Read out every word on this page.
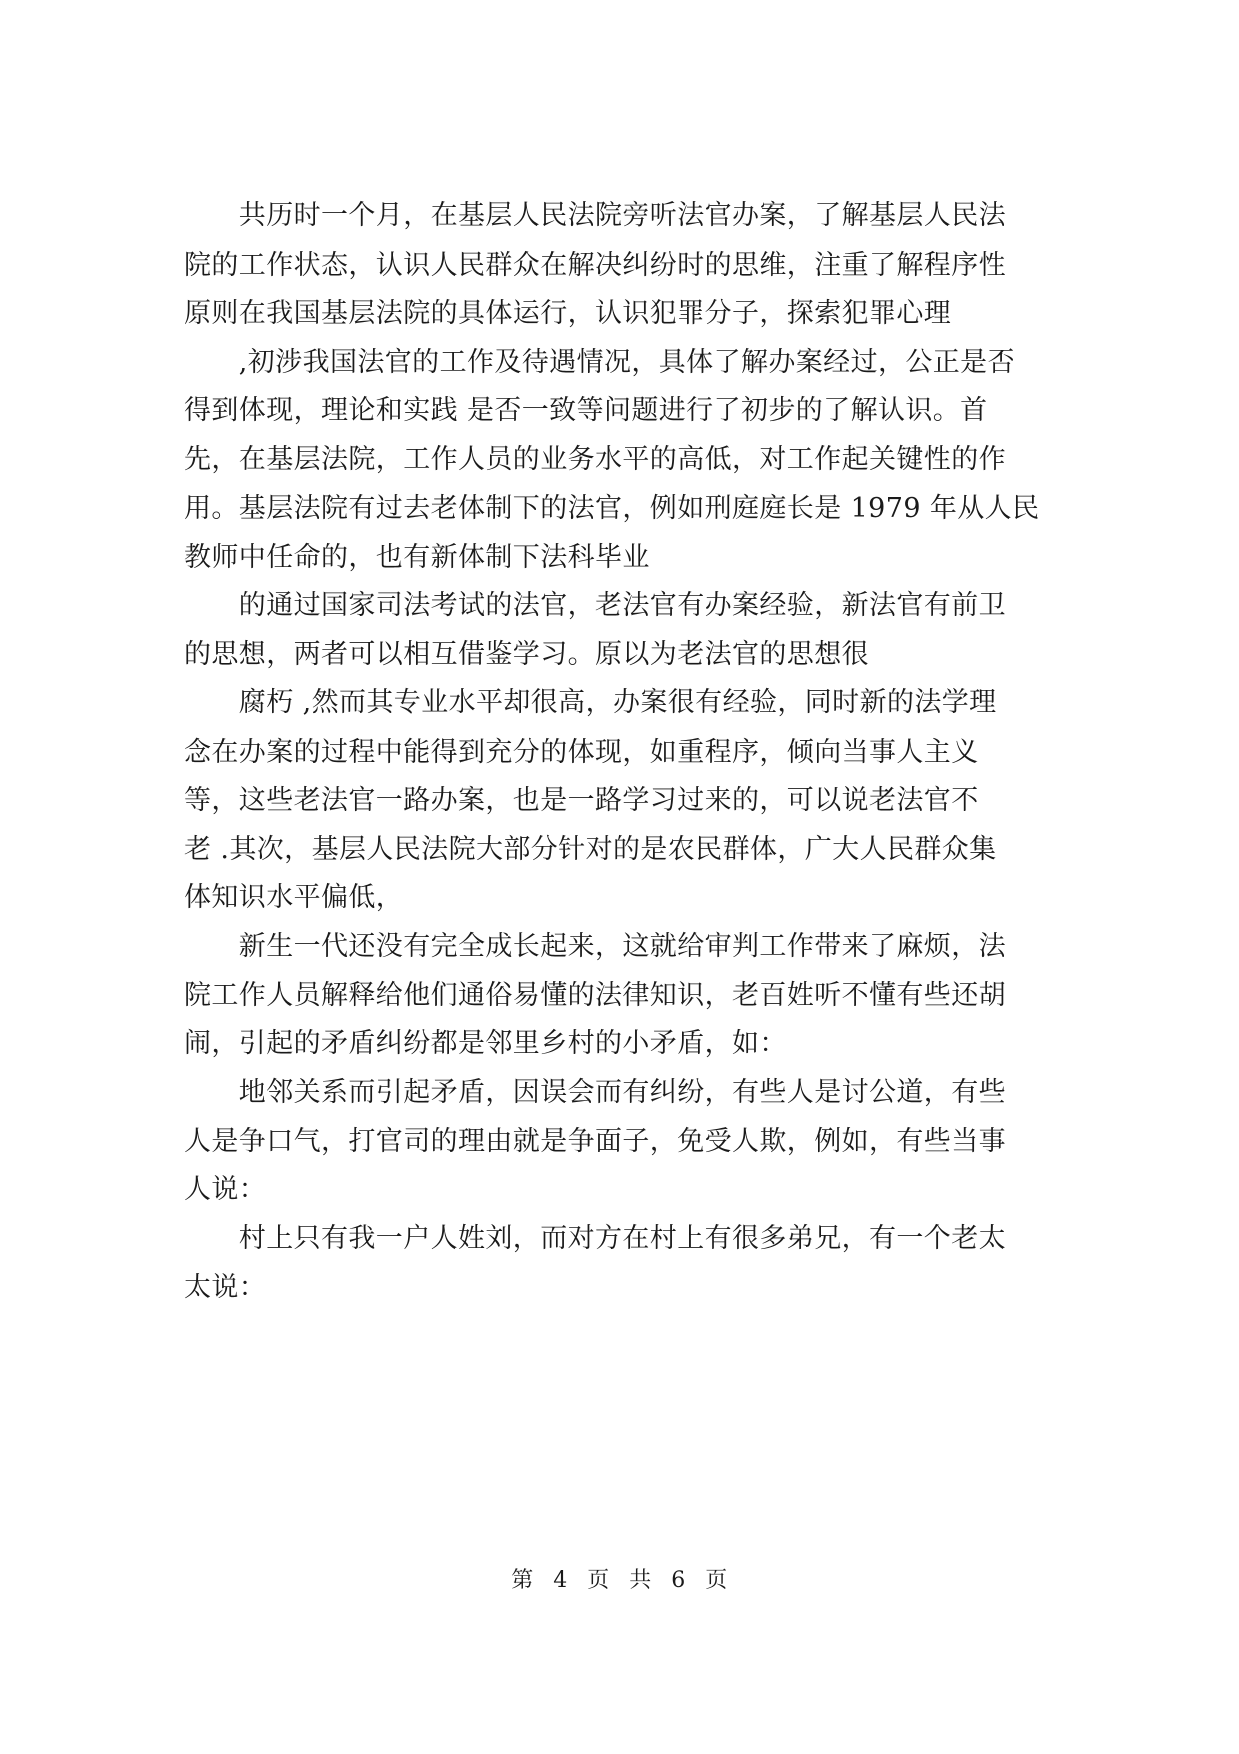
　　共历时一个月，在基层人民法院旁听法官办案，了解基层人民法
院的工作状态，认识人民群众在解决纠纷时的思维，注重了解程序性
原则在我国基层法院的具体运行，认识犯罪分子，探索犯罪心理
　　,初涉我国法官的工作及待遇情况，具体了解办案经过，公正是否
得到体现，理论和实践 是否一致等问题进行了初步的了解认识。首
先，在基层法院，工作人员的业务水平的高低，对工作起关键性的作
用。基层法院有过去老体制下的法官，例如刑庭庭长是 1979 年从人民
教师中任命的，也有新体制下法科毕业
　　的通过国家司法考试的法官，老法官有办案经验，新法官有前卫
的思想，两者可以相互借鉴学习。原以为老法官的思想很
　　腐朽 ,然而其专业水平却很高，办案很有经验，同时新的法学理
念在办案的过程中能得到充分的体现，如重程序，倾向当事人主义
等，这些老法官一路办案，也是一路学习过来的，可以说老法官不
老 .其次，基层人民法院大部分针对的是农民群体，广大人民群众集
体知识水平偏低，
　　新生一代还没有完全成长起来，这就给审判工作带来了麻烦，法
院工作人员解释给他们通俗易懂的法律知识，老百姓听不懂有些还胡
闹，引起的矛盾纠纷都是邻里乡村的小矛盾，如：
　　地邻关系而引起矛盾，因误会而有纠纷，有些人是讨公道，有些
人是争口气，打官司的理由就是争面子，免受人欺，例如，有些当事
人说：
　　村上只有我一户人姓刘，而对方在村上有很多弟兄，有一个老太
太说：
第 4 页 共 6 页
